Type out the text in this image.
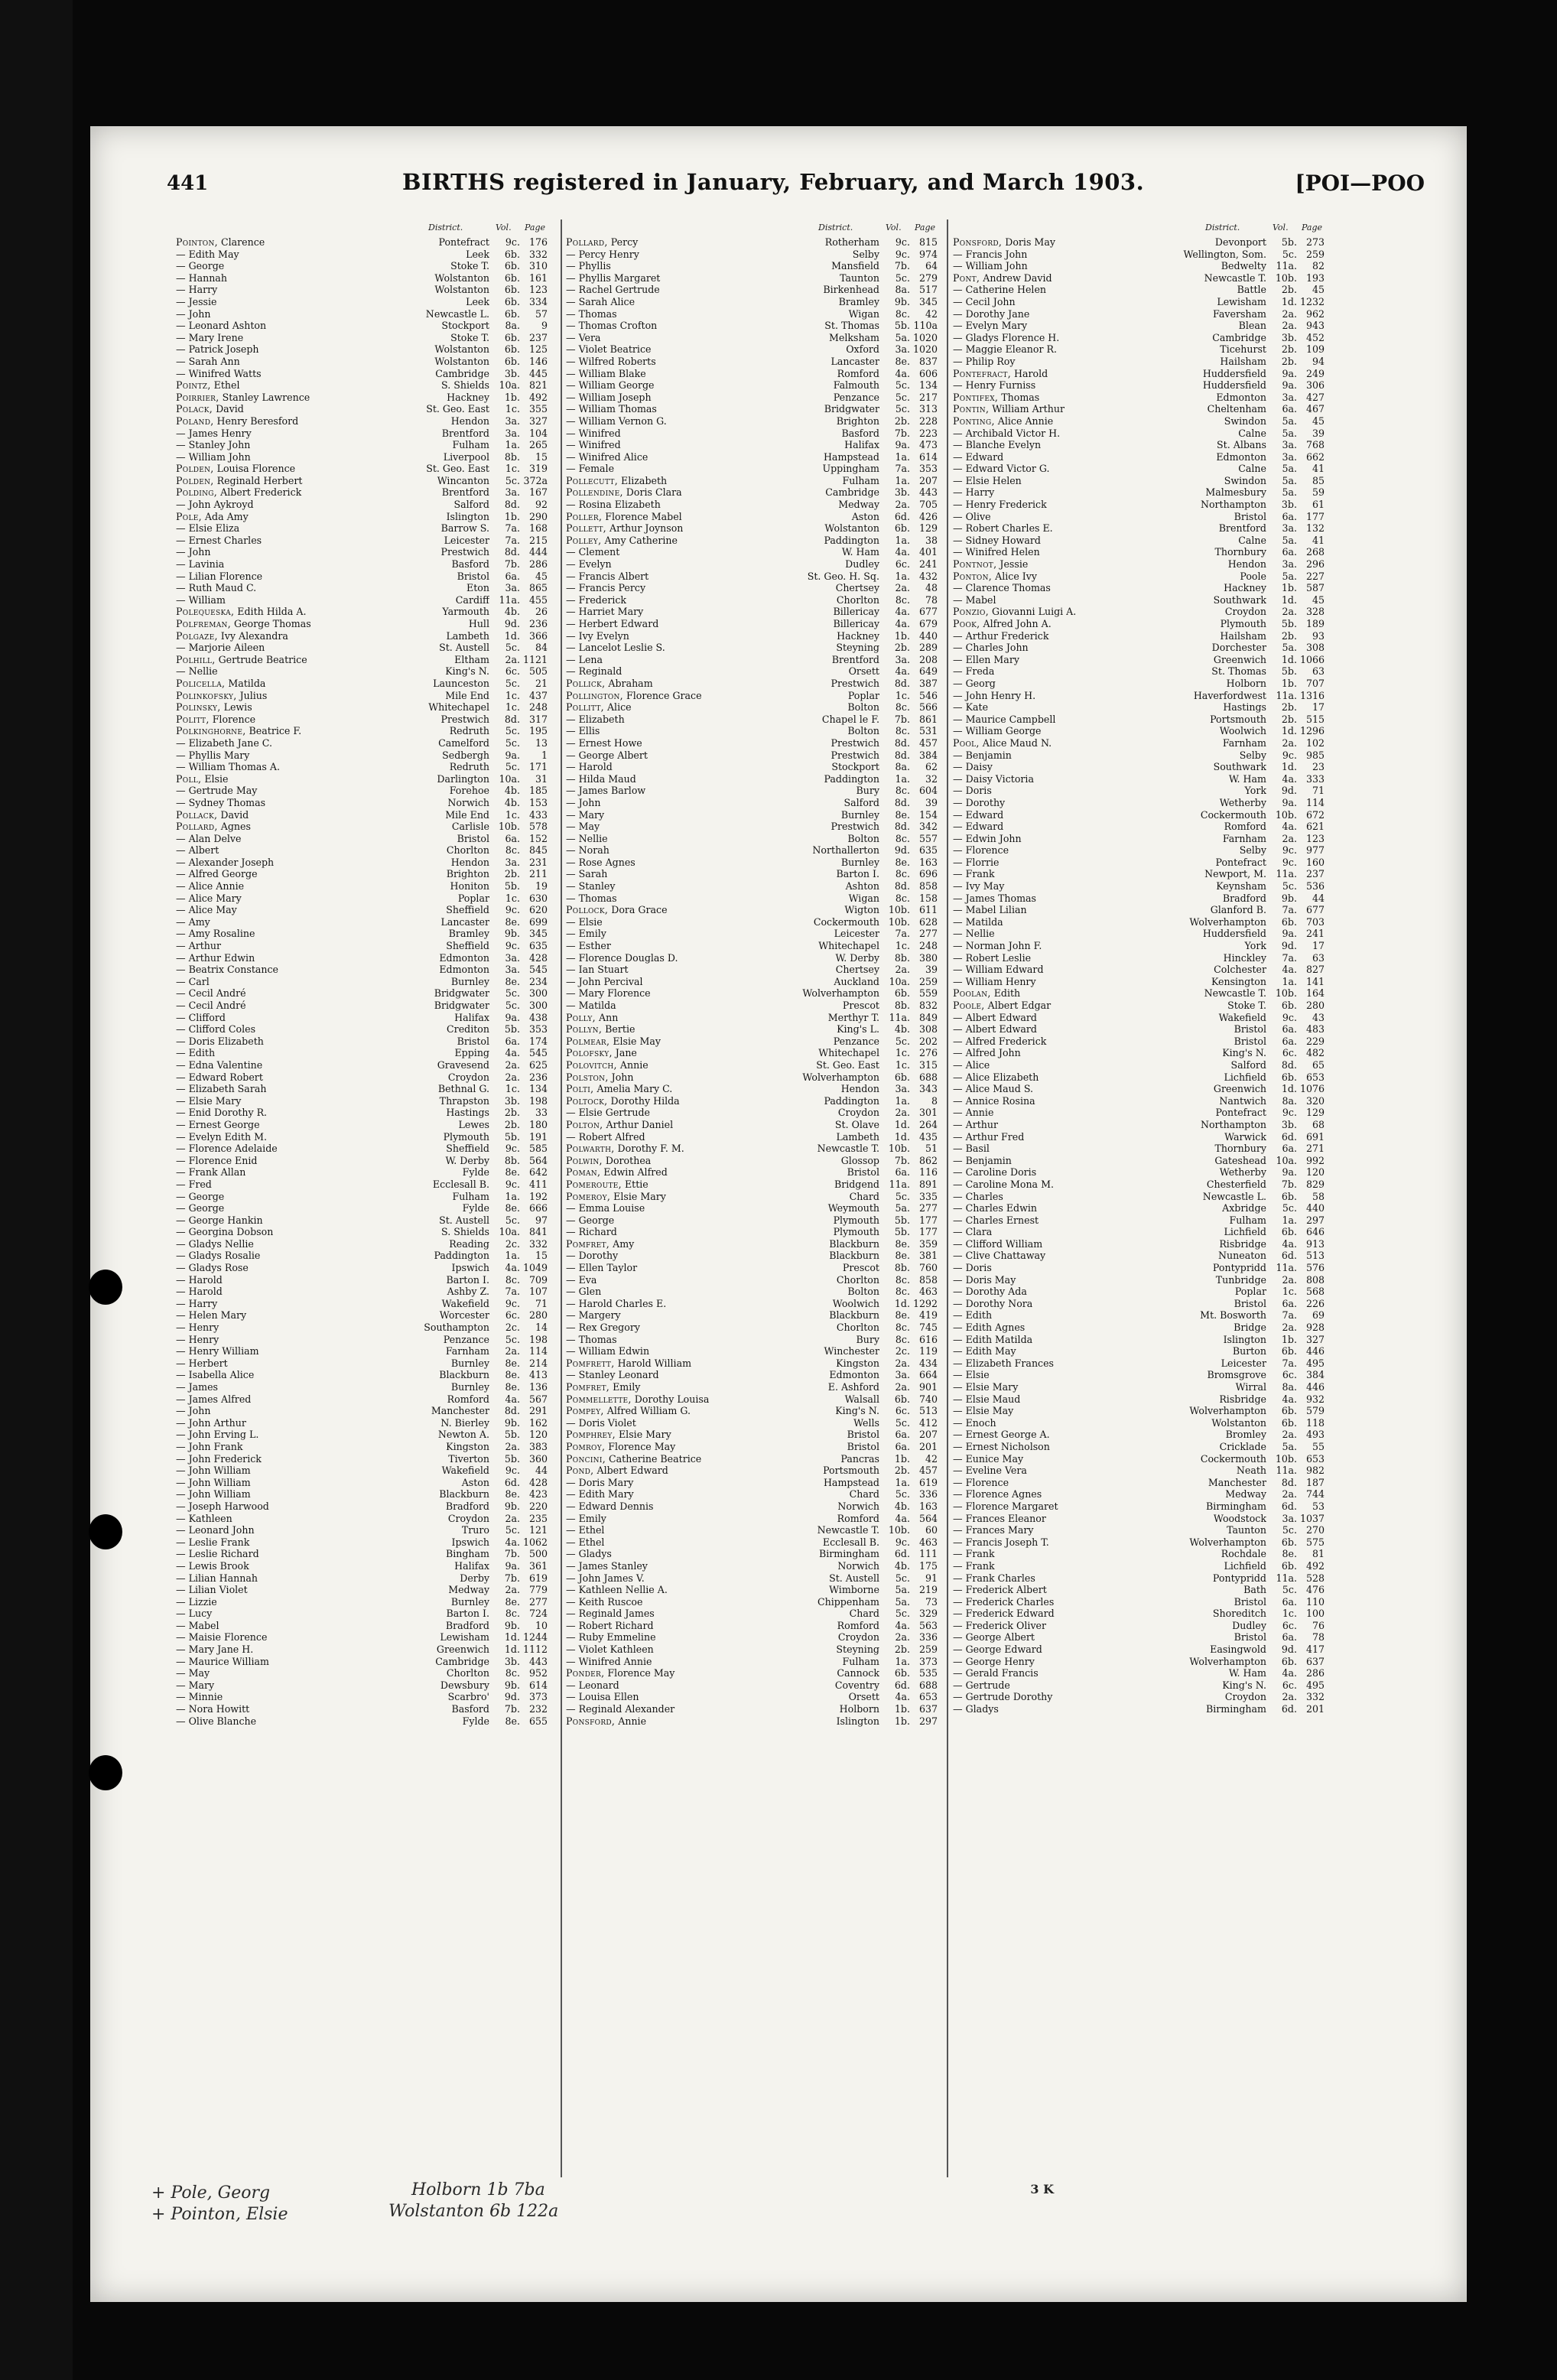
441	BIRTHS registered in January, February, and March 1903.	[POI—POO
District.	Vol. Page
Pointon, Clarence	Pontefract	9c. 176
— Edith May	Leek	6b. 332
— George	Stoke T.	6b. 310
— Hannah	Wolstanton	6b. 161
— Harry	Wolstanton	6b. 123
— Jessie	Leek	6b. 334
— John	Newcastle L.	6b.	57
— Leonard Ashton	Stockport	8a.	9
— Mary Irene	Stoke T.	6b. 237
— Patrick Joseph	Wolstanton	6b. 125
— Sarah Ann	Wolstanton	6b. 146
— Winifred Watts	Cambridge	3b. 445
Pointz, Ethel	S. Shields 10a. 821
Poirrier, Stanley Lawrence	Hackney	1b. 492
Polack, David	St. Geo. East	1c. 355
Poland, Henry Beresford	Hendon	3a. 327
— James Henry	Brentford	3a. 104
— Stanley John	Fulham	1a. 265
— William John	Liverpool	8b.	15
Polden, Louisa Florence	St. Geo. East	1c. 319
Polden, Reginald Herbert	Wincanton	5c. 372a
Polding, Albert Frederick	Brentford	3a. 167
— John Aykroyd	Salford	8d.	92
Pole, Ada Amy	Islington	1b. 290
— Elsie Eliza	Barrow S.	7a. 168
— Ernest Charles	Leicester	7a. 215
— John	Prestwich	8d. 444
— Lavinia	Basford	7b. 286
— Lilian Florence	Bristol	6a.	45
— Ruth Maud C.	Eton	3a. 865
— William	Cardiff 11a. 455
Polequeska, Edith Hilda A.	Yarmouth	4b.	26
Polfreman, George Thomas	Hull	9d. 236
Polgaze, Ivy Alexandra	Lambeth	1d. 366
— Marjorie Aileen	St. Austell	5c.	84
Polhill, Gertrude Beatrice	Eltham	2a. 1121
— Nellie	King's N.	6c. 505
Policella, Matilda	Launceston	5c.	21
Polinkofsky, Julius	Mile End	1c. 437
Polinsky, Lewis	Whitechapel	1c. 248
Politt, Florence	Prestwich	8d. 317
Polkinghorne, Beatrice F.	Redruth	5c. 195
— Elizabeth Jane C.	Camelford	5c.	13
— Phyllis Mary	Sedbergh	9a.	1
— William Thomas A.	Redruth	5c. 171
Poll, Elsie	Darlington 10a.	31
— Gertrude May	Forehoe	4b. 185
— Sydney Thomas	Norwich	4b. 153
Pollack, David	Mile End	1c. 433
Pollard, Agnes	Carlisle 10b. 578
— Alan Delve	Bristol	6a. 152
— Albert	Chorlton	8c. 845
— Alexander Joseph	Hendon	3a. 231
— Alfred George	Brighton	2b. 211
— Alice Annie	Honiton	5b.	19
— Alice Mary	Poplar	1c. 630
— Alice May	Sheffield	9c. 620
— Amy	Lancaster	8e. 699
— Amy Rosaline	Bramley	9b. 345
— Arthur	Sheffield	9c. 635
— Arthur Edwin	Edmonton	3a. 428
— Beatrix Constance	Edmonton	3a. 545
— Carl	Burnley	8e. 234
— Cecil André	Bridgwater	5c. 300
— Cecil André	Bridgwater	5c. 300
— Clifford	Halifax	9a. 438
— Clifford Coles	Crediton	5b. 353
— Doris Elizabeth	Bristol	6a. 174
— Edith	Epping	4a. 545
— Edna Valentine	Gravesend	2a. 625
— Edward Robert	Croydon	2a. 236
— Elizabeth Sarah	Bethnal G.	1c. 134
— Elsie Mary	Thrapston	3b. 198
— Enid Dorothy R.	Hastings	2b.	33
— Ernest George	Lewes	2b. 180
— Evelyn Edith M.	Plymouth	5b. 191
— Florence Adelaide	Sheffield	9c. 585
— Florence Enid	W. Derby	8b. 564
— Frank Allan	Fylde	8e. 642
— Fred	Ecclesall B.	9c. 411
— George	Fulham	1a. 192
— George	Fylde	8e. 666
— George Hankin	St. Austell	5c.	97
— Georgina Dobson	S. Shields 10a. 841
— Gladys Nellie	Reading	2c. 332
— Gladys Rosalie	Paddington	1a.	15
— Gladys Rose	Ipswich	4a. 1049
— Harold	Barton I.	8c. 709
— Harold	Ashby Z.	7a. 107
— Harry	Wakefield	9c.	71
— Helen Mary	Worcester	6c. 280
— Henry	Southampton	2c.	14
— Henry	Penzance	5c. 198
— Henry William	Farnham	2a. 114
— Herbert	Burnley	8e. 214
— Isabella Alice	Blackburn	8e. 413
— James	Burnley	8e. 136
— James Alfred	Romford	4a. 567
— John	Manchester	8d. 291
— John Arthur	N. Bierley	9b. 162
— John Erving L.	Newton A.	5b. 120
— John Frank	Kingston	2a. 383
— John Frederick	Tiverton	5b. 360
— John William	Wakefield	9c.	44
— John William	Aston	6d. 428
— John William	Blackburn	8e. 423
— Joseph Harwood	Bradford	9b. 220
— Kathleen	Croydon	2a. 235
— Leonard John	Truro	5c. 121
— Leslie Frank	Ipswich	4a. 1062
— Leslie Richard	Bingham	7b. 500
— Lewis Brook	Halifax	9a. 361
— Lilian Hannah	Derby	7b. 619
— Lilian Violet	Medway	2a. 779
— Lizzie	Burnley	8e. 277
— Lucy	Barton I.	8c. 724
— Mabel	Bradford	9b.	10
— Maisie Florence	Lewisham	1d. 1244
— Mary Jane H.	Greenwich	1d. 1112
— Maurice William	Cambridge	3b. 443
— May	Chorlton	8c. 952
— Mary	Dewsbury	9b. 614
— Minnie	Scarbro'	9d. 373
— Nora Howitt	Basford	7b. 232
— Olive Blanche	Fylde	8e. 655
District.	Vol. Page
Pollard, Percy	Rotherham	9c. 815
— Percy Henry	Selby	9c. 974
— Phyllis	Mansfield	7b.	64
— Phyllis Margaret	Taunton	5c. 279
— Rachel Gertrude	Birkenhead	8a. 517
— Sarah Alice	Bramley	9b. 345
— Thomas	Wigan	8c.	42
— Thomas Crofton	St. Thomas	5b. 110a
— Vera	Melksham	5a. 1020
— Violet Beatrice	Oxford	3a. 1020
— Wilfred Roberts	Lancaster	8e. 837
— William Blake	Romford	4a. 606
— William George	Falmouth	5c. 134
— William Joseph	Penzance	5c. 217
— William Thomas	Bridgwater	5c. 313
— William Vernon G.	Brighton	2b. 228
— Winifred	Basford	7b. 223
— Winifred	Halifax	9a. 473
— Winifred Alice	Hampstead	1a. 614
— Female	Uppingham	7a. 353
Pollecutt, Elizabeth	Fulham	1a. 207
Pollendine, Doris Clara	Cambridge	3b. 443
— Rosina Elizabeth	Medway	2a. 705
Poller, Florence Mabel	Aston	6d. 426
Pollett, Arthur Joynson	Wolstanton	6b. 129
Polley, Amy Catherine	Paddington	1a.	38
— Clement	W. Ham	4a. 401
— Evelyn	Dudley	6c. 241
— Francis Albert	St. Geo. H. Sq.	1a. 432
— Francis Percy	Chertsey	2a.	48
— Frederick	Chorlton	8c.	78
— Harriet Mary	Billericay	4a. 677
— Herbert Edward	Billericay	4a. 679
— Ivy Evelyn	Hackney	1b. 440
— Lancelot Leslie S.	Steyning	2b. 289
— Lena	Brentford	3a. 208
— Reginald	Orsett	4a. 649
Pollick, Abraham	Prestwich	8d. 387
Pollington, Florence Grace	Poplar	1c. 546
Pollitt, Alice	Bolton	8c. 566
— Elizabeth	Chapel le F.	7b. 861
— Ellis	Bolton	8c. 531
— Ernest Howe	Prestwich	8d. 457
— George Albert	Prestwich	8d. 384
— Harold	Stockport	8a.	62
— Hilda Maud	Paddington	1a.	32
— James Barlow	Bury	8c. 604
— John	Salford	8d.	39
— Mary	Burnley	8e. 154
— May	Prestwich	8d. 342
— Nellie	Bolton	8c. 557
— Norah	Northallerton	9d. 635
— Rose Agnes	Burnley	8e. 163
— Sarah	Barton I.	8c. 696
— Stanley	Ashton	8d. 858
— Thomas	Wigan	8c. 158
Pollock, Dora Grace	Wigton 10b. 611
— Elsie	Cockermouth 10b. 628
— Emily	Leicester	7a. 277
— Esther	Whitechapel	1c. 248
— Florence Douglas D.	W. Derby	8b. 380
— Ian Stuart	Chertsey	2a.	39
— John Percival	Auckland 10a. 259
— Mary Florence	Wolverhampton	6b. 559
— Matilda	Prescot	8b. 832
Polly, Ann	Merthyr T. 11a. 849
Pollyn, Bertie	King's L.	4b. 308
Polmear, Elsie May	Penzance	5c. 202
Polofsky, Jane	Whitechapel	1c. 276
Polovitch, Annie	St. Geo. East	1c. 315
Polston, John	Wolverhampton	6b. 688
Polti, Amelia Mary C.	Hendon	3a. 343
Poltock, Dorothy Hilda	Paddington	1a.	8
— Elsie Gertrude	Croydon	2a. 301
Polton, Arthur Daniel	St. Olave	1d. 264
— Robert Alfred	Lambeth	1d. 435
Polwarth, Dorothy F. M.	Newcastle T. 10b.	51
Polwin, Dorothea	Glossop	7b. 862
Poman, Edwin Alfred	Bristol	6a. 116
Pomeroute, Ettie	Bridgend 11a. 891
Pomeroy, Elsie Mary	Chard	5c. 335
— Emma Louise	Weymouth	5a. 277
— George	Plymouth	5b. 177
— Richard	Plymouth	5b. 177
Pomfret, Amy	Blackburn	8e. 359
— Dorothy	Blackburn	8e. 381
— Ellen Taylor	Prescot	8b. 760
— Eva	Chorlton	8c. 858
— Glen	Bolton	8c. 463
— Harold Charles E.	Woolwich	1d. 1292
— Margery	Blackburn	8e. 419
— Rex Gregory	Chorlton	8c. 745
— Thomas	Bury	8c. 616
— William Edwin	Winchester	2c. 119
Pomfrett, Harold William	Kingston	2a. 434
— Stanley Leonard	Edmonton	3a. 664
Pomfret, Emily	E. Ashford	2a. 901
Pommellette, Dorothy Louisa	Walsall	6b. 740
Pompey, Alfred William G.	King's N.	6c. 513
— Doris Violet	Wells	5c. 412
Pomphrey, Elsie Mary	Bristol	6a. 207
Pomroy, Florence May	Bristol	6a. 201
Poncini, Catherine Beatrice	Pancras	1b.	42
Pond, Albert Edward	Portsmouth	2b. 457
— Doris Mary	Hampstead	1a. 619
— Edith Mary	Chard	5c. 336
— Edward Dennis	Norwich	4b. 163
— Emily	Romford	4a. 564
— Ethel	Newcastle T. 10b.	60
— Ethel	Ecclesall B.	9c. 463
— Gladys	Birmingham	6d. 111
— James Stanley	Norwich	4b. 175
— John James V.	St. Austell	5c.	91
— Kathleen Nellie A.	Wimborne	5a. 219
— Keith Ruscoe	Chippenham	5a.	73
— Reginald James	Chard	5c. 329
— Robert Richard	Romford	4a. 563
— Ruby Emmeline	Croydon	2a. 336
— Violet Kathleen	Steyning	2b. 259
— Winifred Annie	Fulham	1a. 373
Ponder, Florence May	Cannock	6b. 535
— Leonard	Coventry	6d. 688
— Louisa Ellen	Orsett	4a. 653
— Reginald Alexander	Holborn	1b. 637
Ponsford, Annie	Islington	1b. 297
District.	Vol. Page
Ponsford, Doris May	Devonport	5b. 273
— Francis John	Wellington, Som.	5c. 259
— William John	Bedwelty 11a.	82
Pont, Andrew David	Newcastle T. 10b. 193
— Catherine Helen	Battle	2b.	45
— Cecil John	Lewisham	1d. 1232
— Dorothy Jane	Faversham	2a. 962
— Evelyn Mary	Blean	2a. 943
— Gladys Florence H.	Cambridge	3b. 452
— Maggie Eleanor R.	Ticehurst	2b. 109
— Philip Roy	Hailsham	2b.	94
Pontefract, Harold	Huddersfield	9a. 249
— Henry Furniss	Huddersfield	9a. 306
Pontifex, Thomas	Edmonton	3a. 427
Pontin, William Arthur	Cheltenham	6a. 467
Ponting, Alice Annie	Swindon	5a.	45
— Archibald Victor H.	Calne	5a.	39
— Blanche Evelyn	St. Albans	3a. 768
— Edward	Edmonton	3a. 662
— Edward Victor G.	Calne	5a.	41
— Elsie Helen	Swindon	5a.	85
— Harry	Malmesbury	5a.	59
— Henry Frederick	Northampton	3b.	61
— Olive	Bristol	6a. 177
— Robert Charles E.	Brentford	3a. 132
— Sidney Howard	Calne	5a.	41
— Winifred Helen	Thornbury	6a. 268
Pontnot, Jessie	Hendon	3a. 296
Ponton, Alice Ivy	Poole	5a. 227
— Clarence Thomas	Hackney	1b. 587
— Mabel	Southwark	1d.	45
Ponzio, Giovanni Luigi A.	Croydon	2a. 328
Pook, Alfred John A.	Plymouth	5b. 189
— Arthur Frederick	Hailsham	2b.	93
— Charles John	Dorchester	5a. 308
— Ellen Mary	Greenwich	1d. 1066
— Freda	St. Thomas	5b.	63
— Georg	Holborn	1b. 707
— John Henry H.	Haverfordwest 11a. 1316
— Kate	Hastings	2b.	17
— Maurice Campbell	Portsmouth	2b. 515
— William George	Woolwich	1d. 1296
Pool, Alice Maud N.	Farnham	2a. 102
— Benjamin	Selby	9c. 985
— Daisy	Southwark	1d.	23
— Daisy Victoria	W. Ham	4a. 333
— Doris	York	9d.	71
— Dorothy	Wetherby	9a. 114
— Edward	Cockermouth 10b. 672
— Edward	Romford	4a. 621
— Edwin John	Farnham	2a. 123
— Florence	Selby	9c. 977
— Florrie	Pontefract	9c. 160
— Frank	Newport, M. 11a. 237
— Ivy May	Keynsham	5c. 536
— James Thomas	Bradford	9b.	44
— Mabel Lilian	Glanford B.	7a. 677
— Matilda	Wolverhampton	6b. 703
— Nellie	Huddersfield	9a. 241
— Norman John F.	York	9d.	17
— Robert Leslie	Hinckley	7a.	63
— William Edward	Colchester	4a. 827
— William Henry	Kensington	1a. 141
Poolan, Edith	Newcastle T. 10b. 164
Poole, Albert Edgar	Stoke T.	6b. 280
— Albert Edward	Wakefield	9c.	43
— Albert Edward	Bristol	6a. 483
— Alfred Frederick	Bristol	6a. 229
— Alfred John	King's N.	6c. 482
— Alice	Salford	8d.	65
— Alice Elizabeth	Lichfield	6b. 653
— Alice Maud S.	Greenwich	1d. 1076
— Annice Rosina	Nantwich	8a. 320
— Annie	Pontefract	9c. 129
— Arthur	Northampton	3b.	68
— Arthur Fred	Warwick	6d. 691
— Basil	Thornbury	6a. 271
— Benjamin	Gateshead 10a. 992
— Caroline Doris	Wetherby	9a. 120
— Caroline Mona M.	Chesterfield	7b. 829
— Charles	Newcastle L.	6b.	58
— Charles Edwin	Axbridge	5c. 440
— Charles Ernest	Fulham	1a. 297
— Clara	Lichfield	6b. 646
— Clifford William	Risbridge	4a. 913
— Clive Chattaway	Nuneaton	6d. 513
— Doris	Pontypridd 11a. 576
— Doris May	Tunbridge	2a. 808
— Dorothy Ada	Poplar	1c. 568
— Dorothy Nora	Bristol	6a. 226
— Edith	Mt. Bosworth	7a.	69
— Edith Agnes	Bridge	2a. 928
— Edith Matilda	Islington	1b. 327
— Edith May	Burton	6b. 446
— Elizabeth Frances	Leicester	7a. 495
— Elsie	Bromsgrove	6c. 384
— Elsie Mary	Wirral	8a. 446
— Elsie Maud	Risbridge	4a. 932
— Elsie May	Wolverhampton	6b. 579
— Enoch	Wolstanton	6b. 118
— Ernest George A.	Bromley	2a. 493
— Ernest Nicholson	Cricklade	5a.	55
— Eunice May	Cockermouth 10b. 653
— Eveline Vera	Neath 11a. 982
— Florence	Manchester	8d. 187
— Florence Agnes	Medway	2a. 744
— Florence Margaret	Birmingham	6d.	53
— Frances Eleanor	Woodstock	3a. 1037
— Frances Mary	Taunton	5c. 270
— Francis Joseph T.	Wolverhampton	6b. 575
— Frank	Rochdale	8e.	81
— Frank	Lichfield	6b. 492
— Frank Charles	Pontypridd 11a. 528
— Frederick Albert	Bath	5c. 476
— Frederick Charles	Bristol	6a. 110
— Frederick Edward	Shoreditch	1c. 100
— Frederick Oliver	Dudley	6c.	76
— George Albert	Bristol	6a.	78
— George Edward	Easingwold	9d. 417
— George Henry	Wolverhampton	6b. 637
— Gerald Francis	W. Ham	4a. 286
— Gertrude	King's N.	6c. 495
— Gertrude Dorothy	Croydon	2a. 332
— Gladys	Birmingham	6d. 201
3 K
+ Pole, Georg
+ Pointon, Elsie
Holborn 1b 7ba
Wolstanton 6b 122a
